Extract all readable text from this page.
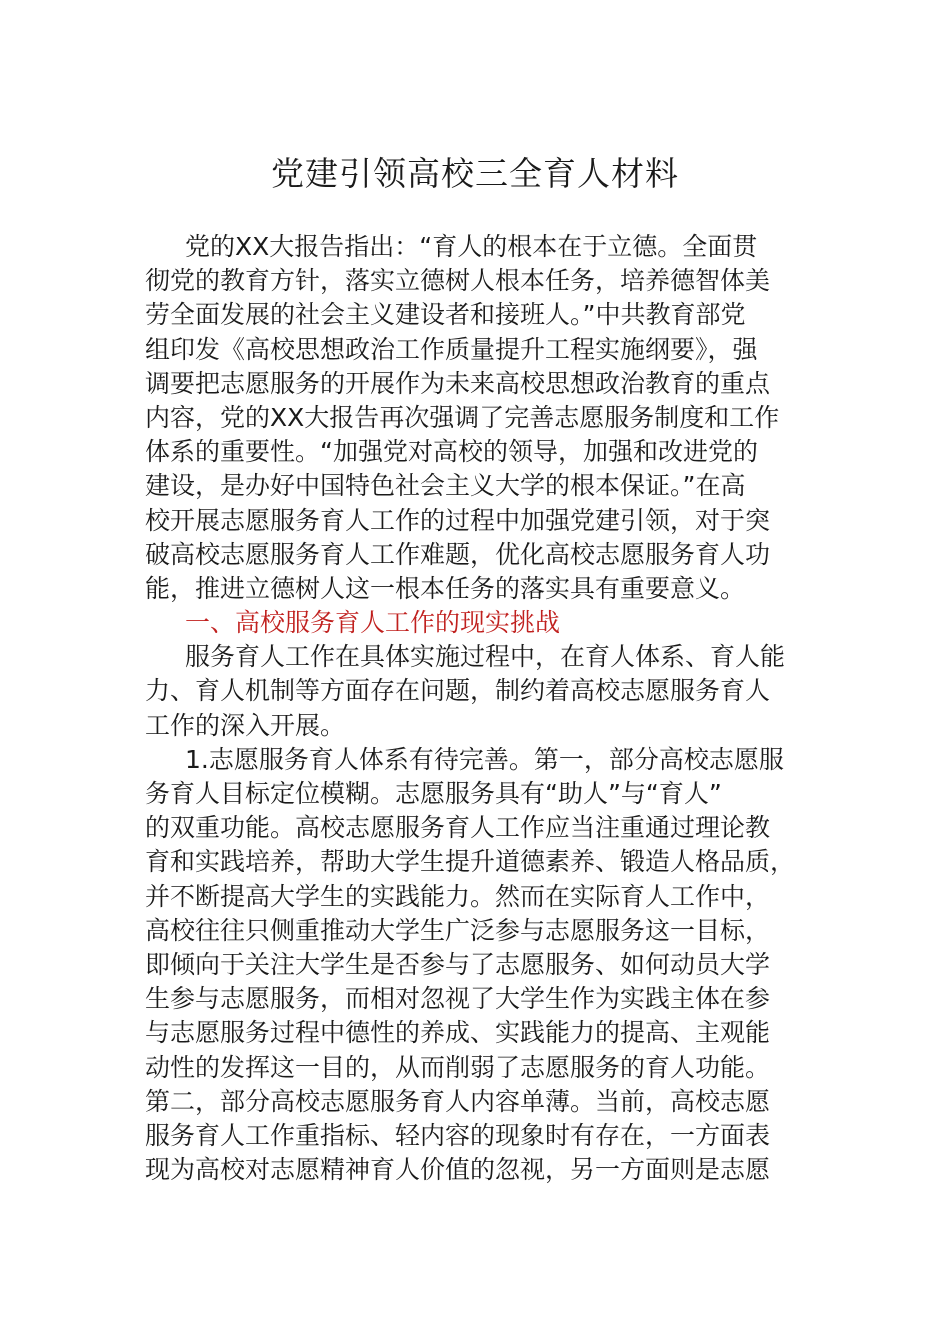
党建引领高校三全育人材料
党的XX大报告指出：“育人的根本在于立德。全面贯
彻党的教育方针，落实立德树人根本任务，培养德智体美
劳全面发展的社会主义建设者和接班人。”中共教育部党
组印发《高校思想政治工作质量提升工程实施纲要》，强
调要把志愿服务的开展作为未来高校思想政治教育的重点
内容，党的XX大报告再次强调了完善志愿服务制度和工作
体系的重要性。“加强党对高校的领导，加强和改进党的
建设，是办好中国特色社会主义大学的根本保证。”在高
校开展志愿服务育人工作的过程中加强党建引领，对于突
破高校志愿服务育人工作难题，优化高校志愿服务育人功
能，推进立德树人这一根本任务的落实具有重要意义。
一、高校服务育人工作的现实挑战
服务育人工作在具体实施过程中，在育人体系、育人能
力、育人机制等方面存在问题，制约着高校志愿服务育人
工作的深入开展。
1.志愿服务育人体系有待完善。第一，部分高校志愿服
务育人目标定位模糊。志愿服务具有“助人”与“育人”
的双重功能。高校志愿服务育人工作应当注重通过理论教
育和实践培养，帮助大学生提升道德素养、锻造人格品质，
并不断提高大学生的实践能力。然而在实际育人工作中，
高校往往只侧重推动大学生广泛参与志愿服务这一目标，
即倾向于关注大学生是否参与了志愿服务、如何动员大学
生参与志愿服务，而相对忽视了大学生作为实践主体在参
与志愿服务过程中德性的养成、实践能力的提高、主观能
动性的发挥这一目的，从而削弱了志愿服务的育人功能。
第二，部分高校志愿服务育人内容单薄。当前，高校志愿
服务育人工作重指标、轻内容的现象时有存在，一方面表
现为高校对志愿精神育人价值的忽视，另一方面则是志愿
